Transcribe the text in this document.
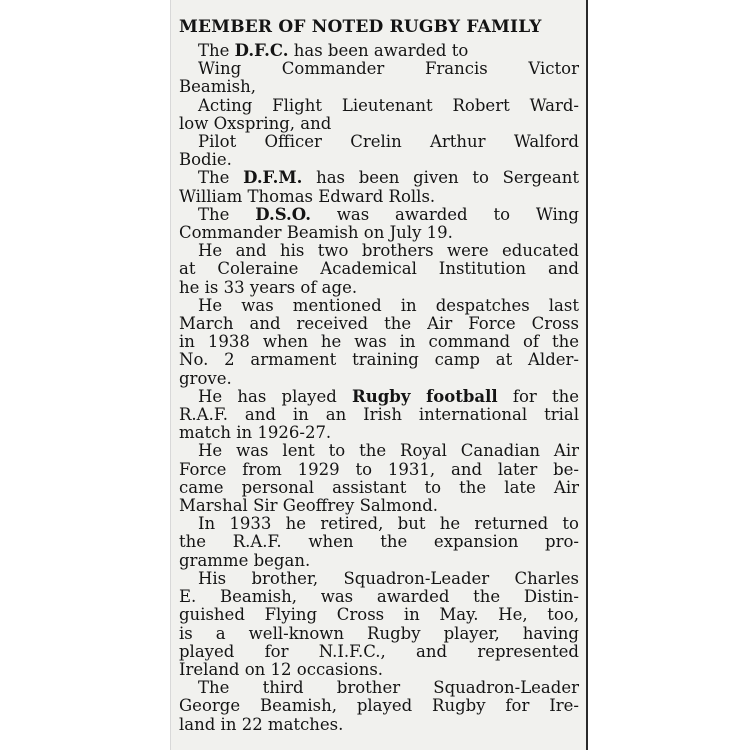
MEMBER OF NOTED RUGBY FAMILY
The D.F.C. has been awarded to
Wing Commander Francis Victor
Beamish,
Acting Flight Lieutenant Robert Ward-
low Oxspring, and
Pilot Officer Crelin Arthur Walford
Bodie.
The D.F.M. has been given to Sergeant
William Thomas Edward Rolls.
The D.S.O. was awarded to Wing
Commander Beamish on July 19.
He and his two brothers were educated
at Coleraine Academical Institution and
he is 33 years of age.
He was mentioned in despatches last
March and received the Air Force Cross
in 1938 when he was in command of the
No. 2 armament training camp at Alder-
grove.
He has played Rugby football for the
R.A.F. and in an Irish international trial
match in 1926-27.
He was lent to the Royal Canadian Air
Force from 1929 to 1931, and later be-
came personal assistant to the late Air
Marshal Sir Geoffrey Salmond.
In 1933 he retired, but he returned to
the R.A.F. when the expansion pro-
gramme began.
His brother, Squadron-Leader Charles
E. Beamish, was awarded the Distin-
guished Flying Cross in May. He, too,
is a well-known Rugby player, having
played for N.I.F.C., and represented
Ireland on 12 occasions.
The third brother Squadron-Leader
George Beamish, played Rugby for Ire-
land in 22 matches.
